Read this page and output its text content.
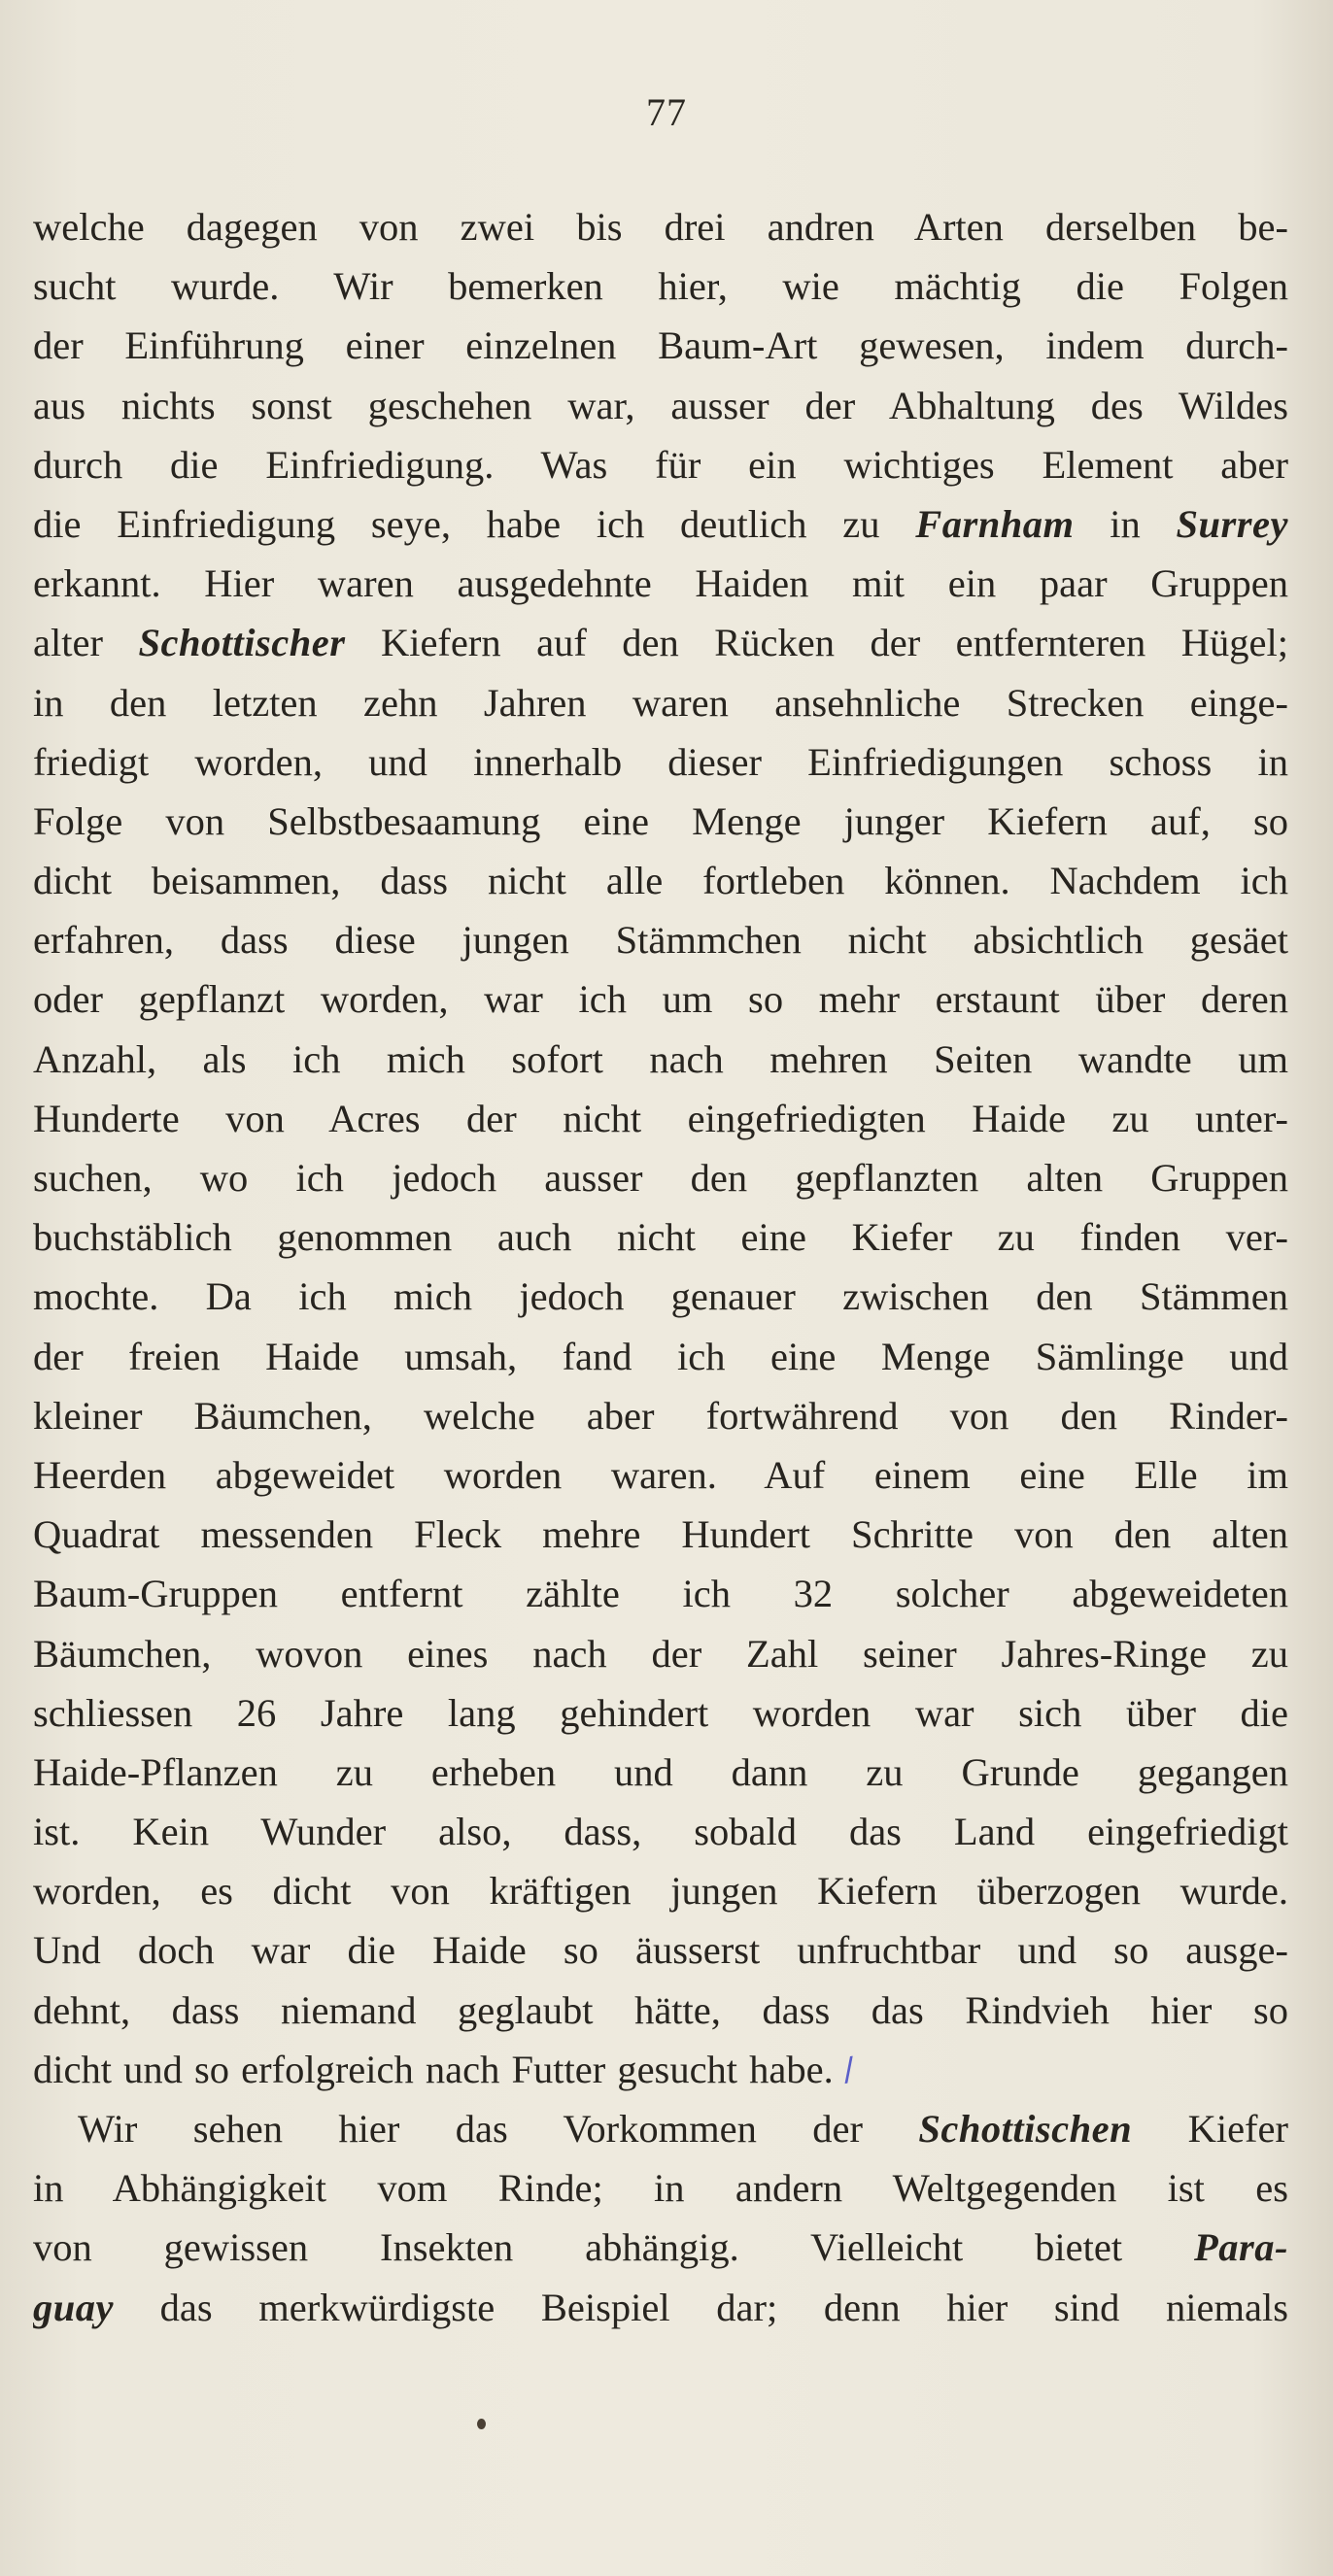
77
welche dagegen von zwei bis drei andren Arten derselben be-
sucht wurde. Wir bemerken hier, wie mächtig die Folgen
der Einführung einer einzelnen Baum-Art gewesen, indem durch-
aus nichts sonst geschehen war, ausser der Abhaltung des Wildes
durch die Einfriedigung. Was für ein wichtiges Element aber
die Einfriedigung seye, habe ich deutlich zu Farnham in Surrey
erkannt. Hier waren ausgedehnte Haiden mit ein paar Gruppen
alter Schottischer Kiefern auf den Rücken der entfernteren Hügel;
in den letzten zehn Jahren waren ansehnliche Strecken einge-
friedigt worden, und innerhalb dieser Einfriedigungen schoss in
Folge von Selbstbesaamung eine Menge junger Kiefern auf, so
dicht beisammen, dass nicht alle fortleben können. Nachdem ich
erfahren, dass diese jungen Stämmchen nicht absichtlich gesäet
oder gepflanzt worden, war ich um so mehr erstaunt über deren
Anzahl, als ich mich sofort nach mehren Seiten wandte um
Hunderte von Acres der nicht eingefriedigten Haide zu unter-
suchen, wo ich jedoch ausser den gepflanzten alten Gruppen
buchstäblich genommen auch nicht eine Kiefer zu finden ver-
mochte. Da ich mich jedoch genauer zwischen den Stämmen
der freien Haide umsah, fand ich eine Menge Sämlinge und
kleiner Bäumchen, welche aber fortwährend von den Rinder-
Heerden abgeweidet worden waren. Auf einem eine Elle im
Quadrat messenden Fleck mehre Hundert Schritte von den alten
Baum-Gruppen entfernt zählte ich 32 solcher abgeweideten
Bäumchen, wovon eines nach der Zahl seiner Jahres-Ringe zu
schliessen 26 Jahre lang gehindert worden war sich über die
Haide-Pflanzen zu erheben und dann zu Grunde gegangen
ist. Kein Wunder also, dass, sobald das Land eingefriedigt
worden, es dicht von kräftigen jungen Kiefern überzogen wurde.
Und doch war die Haide so äusserst unfruchtbar und so ausge-
dehnt, dass niemand geglaubt hätte, dass das Rindvieh hier so
dicht und so erfolgreich nach Futter gesucht habe. /
Wir sehen hier das Vorkommen der Schottischen Kiefer
in Abhängigkeit vom Rinde; in andern Weltgegenden ist es
von gewissen Insekten abhängig. Vielleicht bietet Para-
guay das merkwürdigste Beispiel dar; denn hier sind niemals
